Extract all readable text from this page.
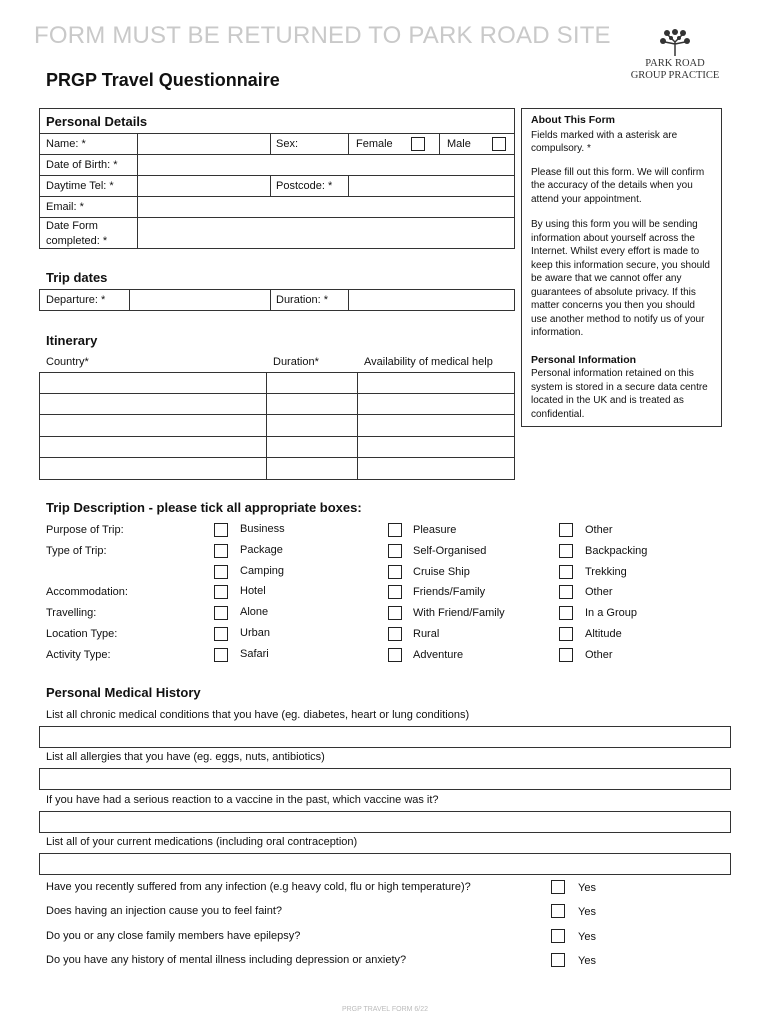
FORM MUST BE RETURNED TO PARK ROAD SITE
PRGP Travel Questionnaire
PARK ROAD
GROUP PRACTICE
Personal Details
Name: *	Sex:	Female	Male
Date of Birth: *
Daytime Tel: *	Postcode: *
Email: *
Date Form
completed: *
Trip dates
Departure: *	Duration: *
Itinerary
Country*	Duration*	Availability of medical help
About This Form
Fields marked with a asterisk are compulsory. *
Please fill out this form. We will confirm the accuracy of the details when you attend your appointment.
By using this form you will be sending information about yourself across the Internet. Whilst every effort is made to keep this information secure, you should be aware that we cannot offer any guarantees of absolute privacy. If this matter concerns you then you should use another method to notify us of your information.
Personal Information
Personal information retained on this system is stored in a secure data centre located in the UK and is treated as confidential.
Trip Description - please tick all appropriate boxes:
Purpose of Trip:	Business	Pleasure	Other
Type of Trip:	Package	Self-Organised	Backpacking
Camping	Cruise Ship	Trekking
Accommodation:	Hotel	Friends/Family	Other
Travelling:	Alone	With Friend/Family	In a Group
Location Type:	Urban	Rural	Altitude
Activity Type:	Safari	Adventure	Other
Personal Medical History
List all chronic medical conditions that you have (eg. diabetes, heart or lung conditions)
List all allergies that you have (eg. eggs, nuts, antibiotics)
If you have had a serious reaction to a vaccine in the past, which vaccine was it?
List all of your current medications (including oral contraception)
Have you recently suffered from any infection (e.g heavy cold, flu or high temperature)?	Yes
Does having an injection cause you to feel faint?	Yes
Do you or any close family members have epilepsy?	Yes
Do you have any history of mental illness including depression or anxiety?	Yes
PRGP TRAVEL FORM 6/22
